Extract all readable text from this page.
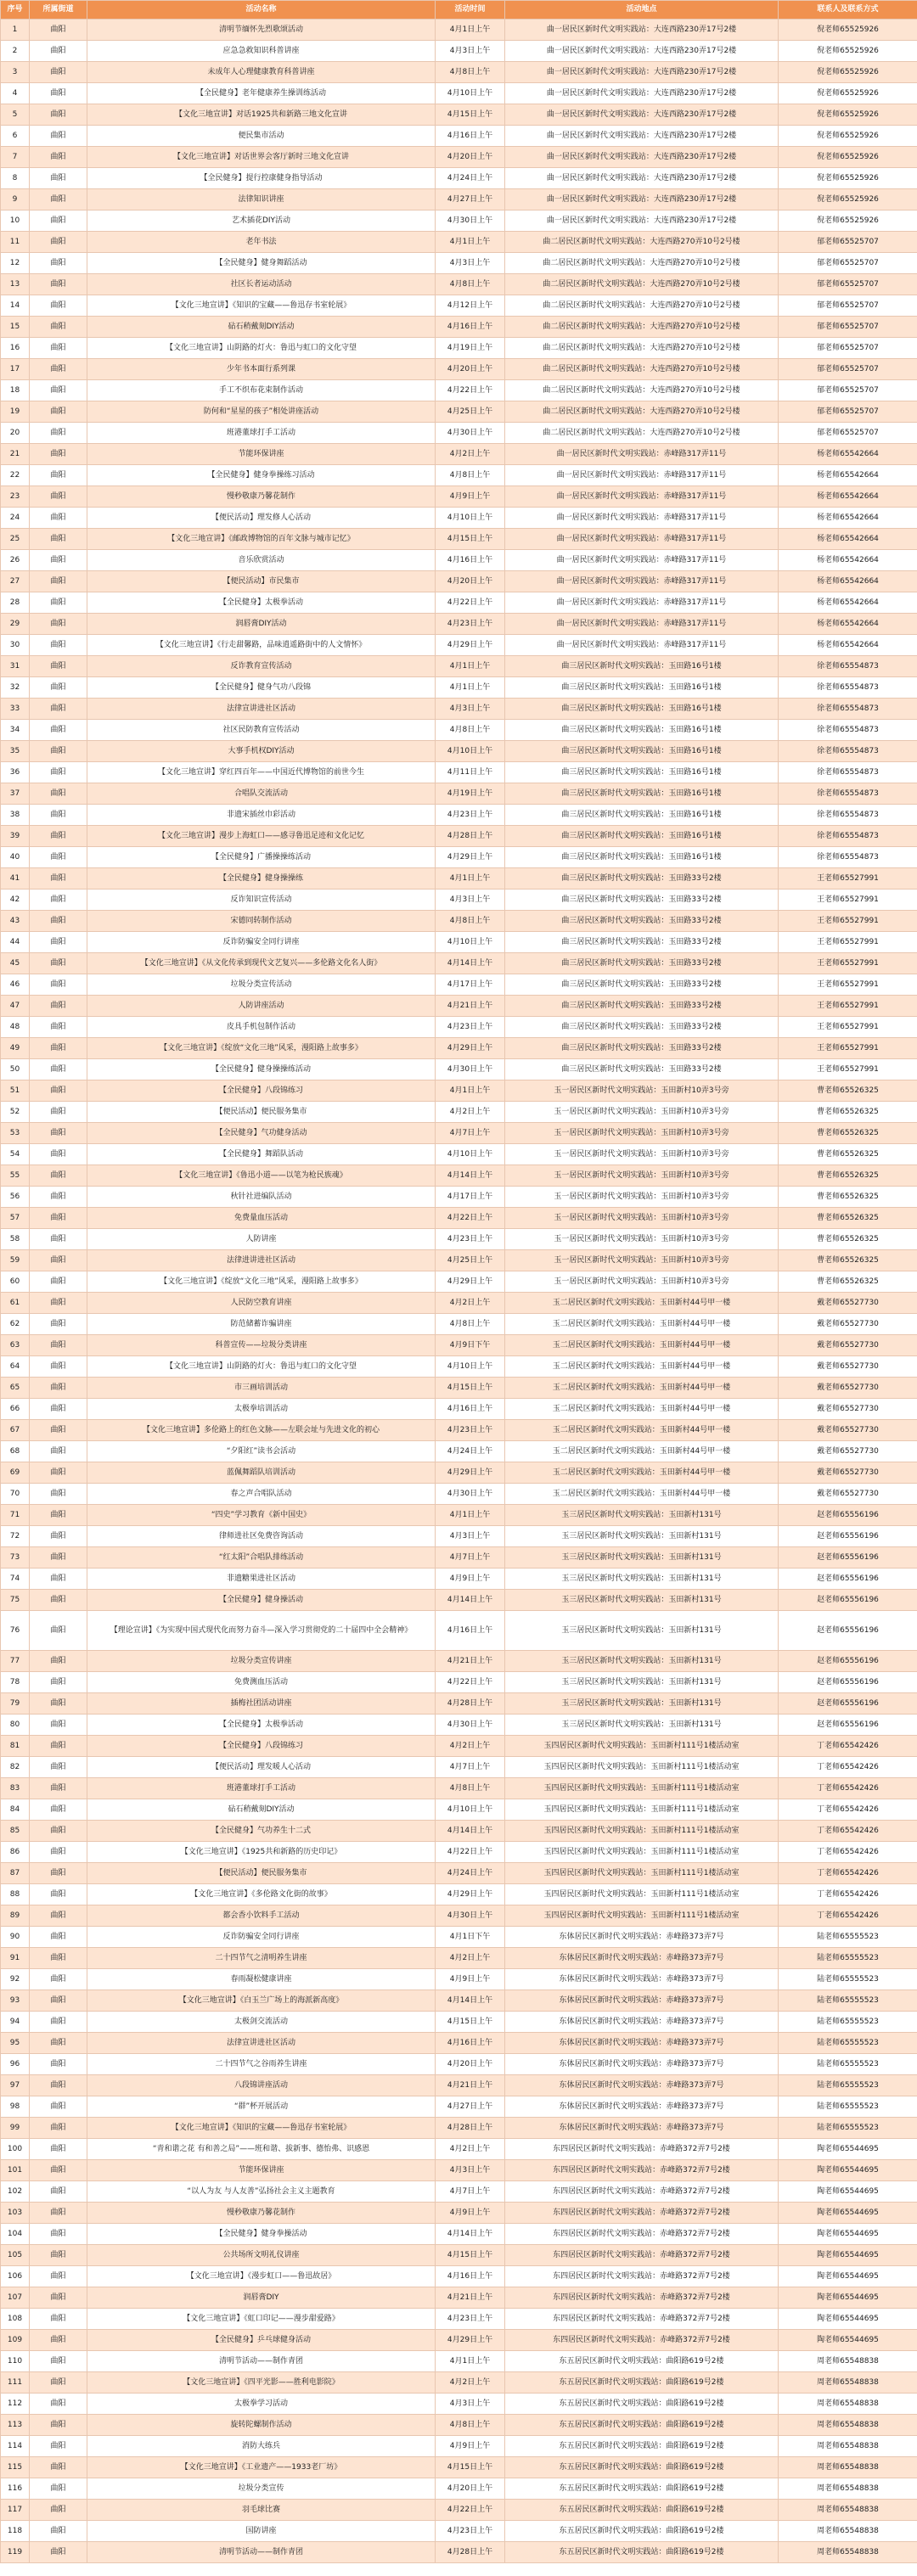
序号	所属街道	活动名称	活动时间	活动地点	联系人及联系方式
1	曲阳	清明节缅怀先烈歌颂活动	4月1日上午	曲一居民区新时代文明实践站：大连西路230弄17号2楼	倪老师65525926
2	曲阳	应急急救知识科普讲座	4月3日上午	曲一居民区新时代文明实践站：大连西路230弄17号2楼	倪老师65525926
3	曲阳	未成年人心理健康教育科普讲座	4月8日上午	曲一居民区新时代文明实践站：大连西路230弄17号2楼	倪老师65525926
4	曲阳	【全民健身】老年健康养生操训练活动	4月10日上午	曲一居民区新时代文明实践站：大连西路230弄17号2楼	倪老师65525926
5	曲阳	【文化三地宣讲】对话1925共和新路三地文化宣讲	4月15日上午	曲一居民区新时代文明实践站：大连西路230弄17号2楼	倪老师65525926
6	曲阳	便民集市活动	4月16日上午	曲一居民区新时代文明实践站：大连西路230弄17号2楼	倪老师65525926
7	曲阳	【文化三地宣讲】对话世界会客厅新时三地文化宣讲	4月20日上午	曲一居民区新时代文明实践站：大连西路230弄17号2楼	倪老师65525926
8	曲阳	【全民健身】提行控康健身指导活动	4月24日上午	曲一居民区新时代文明实践站：大连西路230弄17号2楼	倪老师65525926
9	曲阳	法律知识讲座	4月27日上午	曲一居民区新时代文明实践站：大连西路230弄17号2楼	倪老师65525926
10	曲阳	艺术插花DIY活动	4月30日上午	曲一居民区新时代文明实践站：大连西路230弄17号2楼	倪老师65525926
11	曲阳	老年书法	4月1日上午	曲二居民区新时代文明实践站：大连西路270弄10号2号楼	郁老师65525707
12	曲阳	【全民健身】健身舞蹈活动	4月3日上午	曲二居民区新时代文明实践站：大连西路270弄10号2号楼	郁老师65525707
13	曲阳	社区长者运动活动	4月8日上午	曲二居民区新时代文明实践站：大连西路270弄10号2号楼	郁老师65525707
14	曲阳	【文化三地宣讲】《知识的宝藏——鲁迅存书室轮展》	4月12日上午	曲二居民区新时代文明实践站：大连西路270弄10号2号楼	郁老师65525707
15	曲阳	砧石稍戴刻DIY活动	4月16日上午	曲二居民区新时代文明实践站：大连西路270弄10号2号楼	郁老师65525707
16	曲阳	【文化三地宣讲】山阴路的灯火：鲁迅与虹口的文化守望	4月19日上午	曲二居民区新时代文明实践站：大连西路270弄10号2号楼	郁老师65525707
17	曲阳	少年书本面行系列课	4月20日上午	曲二居民区新时代文明实践站：大连西路270弄10号2号楼	郁老师65525707
18	曲阳	手工不织布花束制作活动	4月22日上午	曲二居民区新时代文明实践站：大连西路270弄10号2号楼	郁老师65525707
19	曲阳	防何和“星星的孩子”相处讲座活动	4月25日上午	曲二居民区新时代文明实践站：大连西路270弄10号2号楼	郁老师65525707
20	曲阳	班港董球打手工活动	4月30日上午	曲二居民区新时代文明实践站：大连西路270弄10号2号楼	郁老师65525707
21	曲阳	节能环保讲座	4月2日上午	曲一居民区新时代文明实践站：赤峰路317弄11号	杨老师65542664
22	曲阳	【全民健身】健身拳操练习活动	4月8日上午	曲一居民区新时代文明实践站：赤峰路317弄11号	杨老师65542664
23	曲阳	慢秒敬康乃馨花制作	4月9日上午	曲一居民区新时代文明实践站：赤峰路317弄11号	杨老师65542664
24	曲阳	【便民活动】理发修人心活动	4月10日上午	曲一居民区新时代文明实践站：赤峰路317弄11号	杨老师65542664
25	曲阳	【文化三地宣讲】《邮政博物馆的百年文脉与城市记忆》	4月15日上午	曲一居民区新时代文明实践站：赤峰路317弄11号	杨老师65542664
26	曲阳	音乐欣赏活动	4月16日上午	曲一居民区新时代文明实践站：赤峰路317弄11号	杨老师65542664
27	曲阳	【便民活动】市民集市	4月20日上午	曲一居民区新时代文明实践站：赤峰路317弄11号	杨老师65542664
28	曲阳	【全民健身】太极拳活动	4月22日上午	曲一居民区新时代文明实践站：赤峰路317弄11号	杨老师65542664
29	曲阳	润唇膏DIY活动	4月23日上午	曲一居民区新时代文明实践站：赤峰路317弄11号	杨老师65542664
30	曲阳	【文化三地宣讲】《行走甜馨路，品味逍遥路街中的人文情怀》	4月29日上午	曲一居民区新时代文明实践站：赤峰路317弄11号	杨老师65542664
31	曲阳	反诈教育宣传活动	4月1日上午	曲三居民区新时代文明实践站：玉田路16号1楼	徐老师65554873
32	曲阳	【全民健身】健身气功八段锦	4月1日上午	曲三居民区新时代文明实践站：玉田路16号1楼	徐老师65554873
33	曲阳	法律宣讲进社区活动	4月3日上午	曲三居民区新时代文明实践站：玉田路16号1楼	徐老师65554873
34	曲阳	社区民防教育宣传活动	4月8日上午	曲三居民区新时代文明实践站：玉田路16号1楼	徐老师65554873
35	曲阳	大事手机权DIY活动	4月10日上午	曲三居民区新时代文明实践站：玉田路16号1楼	徐老师65554873
36	曲阳	【文化三地宣讲】穿红四百年——中国近代博物馆的前世今生	4月11日上午	曲三居民区新时代文明实践站：玉田路16号1楼	徐老师65554873
37	曲阳	合唱队交流活动	4月19日上午	曲三居民区新时代文明实践站：玉田路16号1楼	徐老师65554873
38	曲阳	非遗宋插丝巾彩活动	4月23日上午	曲三居民区新时代文明实践站：玉田路16号1楼	徐老师65554873
39	曲阳	【文化三地宣讲】漫步上海虹口——感寻鲁迅足迹和文化记忆	4月28日上午	曲三居民区新时代文明实践站：玉田路16号1楼	徐老师65554873
40	曲阳	【全民健身】广播操操练活动	4月29日上午	曲三居民区新时代文明实践站：玉田路16号1楼	徐老师65554873
41	曲阳	【全民健身】健身操操练	4月1日上午	曲三居民区新时代文明实践站：玉田路33号2楼	王老师65527991
42	曲阳	反诈知识宣传活动	4月3日上午	曲三居民区新时代文明实践站：玉田路33号2楼	王老师65527991
43	曲阳	宋德同转制作活动	4月8日上午	曲三居民区新时代文明实践站：玉田路33号2楼	王老师65527991
44	曲阳	反诈防骗安全同行讲座	4月10日上午	曲三居民区新时代文明实践站：玉田路33号2楼	王老师65527991
45	曲阳	【文化三地宣讲】《从文化传承到现代文艺复兴——多伦路文化名人街》	4月14日上午	曲三居民区新时代文明实践站：玉田路33号2楼	王老师65527991
46	曲阳	垃圾分类宣传活动	4月17日上午	曲三居民区新时代文明实践站：玉田路33号2楼	王老师65527991
47	曲阳	人防讲座活动	4月21日上午	曲三居民区新时代文明实践站：玉田路33号2楼	王老师65527991
48	曲阳	皮具手机包制作活动	4月23日上午	曲三居民区新时代文明实践站：玉田路33号2楼	王老师65527991
49	曲阳	【文化三地宣讲】《绽放“文化三地”风采，漫阳路上故事多》	4月29日上午	曲三居民区新时代文明实践站：玉田路33号2楼	王老师65527991
50	曲阳	【全民健身】健身操操练活动	4月30日上午	曲三居民区新时代文明实践站：玉田路33号2楼	王老师65527991
51	曲阳	【全民健身】八段锦练习	4月1日上午	玉一居民区新时代文明实践站：玉田新村10弄3号旁	曹老师65526325
52	曲阳	【便民活动】便民服务集市	4月2日上午	玉一居民区新时代文明实践站：玉田新村10弄3号旁	曹老师65526325
53	曲阳	【全民健身】气功健身活动	4月7日上午	玉一居民区新时代文明实践站：玉田新村10弄3号旁	曹老师65526325
54	曲阳	【全民健身】舞蹈队活动	4月10日上午	玉一居民区新时代文明实践站：玉田新村10弄3号旁	曹老师65526325
55	曲阳	【文化三地宣讲】《鲁迅小道——以笔为枪民族魂》	4月14日上午	玉一居民区新时代文明实践站：玉田新村10弄3号旁	曹老师65526325
56	曲阳	秋针社进编队活动	4月17日上午	玉一居民区新时代文明实践站：玉田新村10弄3号旁	曹老师65526325
57	曲阳	免费量血压活动	4月22日上午	玉一居民区新时代文明实践站：玉田新村10弄3号旁	曹老师65526325
58	曲阳	人防讲座	4月23日上午	玉一居民区新时代文明实践站：玉田新村10弄3号旁	曹老师65526325
59	曲阳	法律进讲进社区活动	4月25日上午	玉一居民区新时代文明实践站：玉田新村10弄3号旁	曹老师65526325
60	曲阳	【文化三地宣讲】《绽放“文化三地”风采，漫阳路上故事多》	4月29日上午	玉一居民区新时代文明实践站：玉田新村10弄3号旁	曹老师65526325
61	曲阳	人民防空教育讲座	4月2日上午	玉二居民区新时代文明实践站：玉田新村44号甲一楼	戴老师65527730
62	曲阳	防范储蓄诈骗讲座	4月8日上午	玉二居民区新时代文明实践站：玉田新村44号甲一楼	戴老师65527730
63	曲阳	科普宣传——垃圾分类讲座	4月9日下午	玉二居民区新时代文明实践站：玉田新村44号甲一楼	戴老师65527730
64	曲阳	【文化三地宣讲】山阴路的灯火：鲁迅与虹口的文化守望	4月10日上午	玉二居民区新时代文明实践站：玉田新村44号甲一楼	戴老师65527730
65	曲阳	市三画培训活动	4月15日上午	玉二居民区新时代文明实践站：玉田新村44号甲一楼	戴老师65527730
66	曲阳	太极拳培训活动	4月16日上午	玉二居民区新时代文明实践站：玉田新村44号甲一楼	戴老师65527730
67	曲阳	【文化三地宣讲】多伦路上的红色文脉——左联会址与先进文化的初心	4月23日上午	玉二居民区新时代文明实践站：玉田新村44号甲一楼	戴老师65527730
68	曲阳	“夕阳红”读书会活动	4月24日上午	玉二居民区新时代文明实践站：玉田新村44号甲一楼	戴老师65527730
69	曲阳	蓝佩舞蹈队培训活动	4月29日上午	玉二居民区新时代文明实践站：玉田新村44号甲一楼	戴老师65527730
70	曲阳	春之声合唱队活动	4月30日上午	玉二居民区新时代文明实践站：玉田新村44号甲一楼	戴老师65527730
71	曲阳	“四史”学习教育《新中国史》	4月1日上午	玉三居民区新时代文明实践站：玉田新村131号	赵老师65556196
72	曲阳	律师进社区免费咨询活动	4月3日上午	玉三居民区新时代文明实践站：玉田新村131号	赵老师65556196
73	曲阳	“红太阳”合唱队排练活动	4月7日上午	玉三居民区新时代文明实践站：玉田新村131号	赵老师65556196
74	曲阳	非遗糖果进社区活动	4月9日上午	玉三居民区新时代文明实践站：玉田新村131号	赵老师65556196
75	曲阳	【全民健身】健身操活动	4月14日上午	玉三居民区新时代文明实践站：玉田新村131号	赵老师65556196
76	曲阳	【理论宣讲】《为实现中国式现代化而努力奋斗—深入学习贯彻党的二十届四中全会精神》	4月16日上午	玉三居民区新时代文明实践站：玉田新村131号	赵老师65556196
77	曲阳	垃圾分类宣传讲座	4月21日上午	玉三居民区新时代文明实践站：玉田新村131号	赵老师65556196
78	曲阳	免费测血压活动	4月22日上午	玉三居民区新时代文明实践站：玉田新村131号	赵老师65556196
79	曲阳	插梅社团活动讲座	4月28日上午	玉三居民区新时代文明实践站：玉田新村131号	赵老师65556196
80	曲阳	【全民健身】太极拳活动	4月30日上午	玉三居民区新时代文明实践站：玉田新村131号	赵老师65556196
81	曲阳	【全民健身】八段锦练习	4月2日上午	玉四居民区新时代文明实践站：玉田新村111号1楼活动室	丁老师65542426
82	曲阳	【便民活动】理发暖人心活动	4月7日上午	玉四居民区新时代文明实践站：玉田新村111号1楼活动室	丁老师65542426
83	曲阳	班港董球打手工活动	4月8日上午	玉四居民区新时代文明实践站：玉田新村111号1楼活动室	丁老师65542426
84	曲阳	砧石稍戴刻DIY活动	4月10日上午	玉四居民区新时代文明实践站：玉田新村111号1楼活动室	丁老师65542426
85	曲阳	【全民健身】气功养生十二式	4月14日上午	玉四居民区新时代文明实践站：玉田新村111号1楼活动室	丁老师65542426
86	曲阳	【文化三地宣讲】《1925共和新路的历史印记》	4月22日上午	玉四居民区新时代文明实践站：玉田新村111号1楼活动室	丁老师65542426
87	曲阳	【便民活动】便民服务集市	4月24日上午	玉四居民区新时代文明实践站：玉田新村111号1楼活动室	丁老师65542426
88	曲阳	【文化三地宣讲】《多伦路文化街的故事》	4月29日上午	玉四居民区新时代文明实践站：玉田新村111号1楼活动室	丁老师65542426
89	曲阳	都会香小饮料手工活动	4月30日上午	玉四居民区新时代文明实践站：玉田新村111号1楼活动室	丁老师65542426
90	曲阳	反诈防骗安全同行讲座	4月1日下午	东体居民区新时代文明实践站：赤峰路373弄7号	陆老师65555523
91	曲阳	二十四节气之清明养生讲座	4月2日上午	东体居民区新时代文明实践站：赤峰路373弄7号	陆老师65555523
92	曲阳	春雨凝松健康讲座	4月9日上午	东体居民区新时代文明实践站：赤峰路373弄7号	陆老师65555523
93	曲阳	【文化三地宣讲】《白玉兰广场上的海派新高度》	4月14日上午	东体居民区新时代文明实践站：赤峰路373弄7号	陆老师65555523
94	曲阳	太极剑交流活动	4月15日上午	东体居民区新时代文明实践站：赤峰路373弄7号	陆老师65555523
95	曲阳	法律宣讲进社区活动	4月16日上午	东体居民区新时代文明实践站：赤峰路373弄7号	陆老师65555523
96	曲阳	二十四节气之谷雨养生讲座	4月20日上午	东体居民区新时代文明实践站：赤峰路373弄7号	陆老师65555523
97	曲阳	八段锦讲座活动	4月21日上午	东体居民区新时代文明实践站：赤峰路373弄7号	陆老师65555523
98	曲阳	“群”杯开展活动	4月27日上午	东体居民区新时代文明实践站：赤峰路373弄7号	陆老师65555523
99	曲阳	【文化三地宣讲】《知识的宝藏——鲁迅存书室轮展》	4月28日上午	东体居民区新时代文明实践站：赤峰路373弄7号	陆老师65555523
100	曲阳	“青和谐之花 有和善之局”——班和谐、拔新事、德怡弗、识感恩	4月2日上午	东四居民区新时代文明实践站：赤峰路372弄7号2楼	陶老师65544695
101	曲阳	节能环保讲座	4月3日上午	东四居民区新时代文明实践站：赤峰路372弄7号2楼	陶老师65544695
102	曲阳	“以人为友 与人友善”弘扬社会主义主题教育	4月7日上午	东四居民区新时代文明实践站：赤峰路372弄7号2楼	陶老师65544695
103	曲阳	慢秒敬康乃馨花制作	4月9日上午	东四居民区新时代文明实践站：赤峰路372弄7号2楼	陶老师65544695
104	曲阳	【全民健身】健身拳操活动	4月14日上午	东四居民区新时代文明实践站：赤峰路372弄7号2楼	陶老师65544695
105	曲阳	公共场所文明礼仪讲座	4月15日上午	东四居民区新时代文明实践站：赤峰路372弄7号2楼	陶老师65544695
106	曲阳	【文化三地宣讲】《漫步虹口——鲁迅故居》	4月16日上午	东四居民区新时代文明实践站：赤峰路372弄7号2楼	陶老师65544695
107	曲阳	润唇膏DIY	4月21日上午	东四居民区新时代文明实践站：赤峰路372弄7号2楼	陶老师65544695
108	曲阳	【文化三地宣讲】《虹口印记——漫步甜爱路》	4月23日上午	东四居民区新时代文明实践站：赤峰路372弄7号2楼	陶老师65544695
109	曲阳	【全民健身】乒乓球健身活动	4月29日上午	东四居民区新时代文明实践站：赤峰路372弄7号2楼	陶老师65544695
110	曲阳	清明节活动——制作青团	4月1日上午	东五居民区新时代文明实践站：曲阳路619号2楼	周老师65548838
111	曲阳	【文化三地宣讲】《四平光影——胜利电影院》	4月2日上午	东五居民区新时代文明实践站：曲阳路619号2楼	周老师65548838
112	曲阳	太极拳学习活动	4月3日上午	东五居民区新时代文明实践站：曲阳路619号2楼	周老师65548838
113	曲阳	旋转陀螺制作活动	4月8日上午	东五居民区新时代文明实践站：曲阳路619号2楼	周老师65548838
114	曲阳	消防大练兵	4月9日上午	东五居民区新时代文明实践站：曲阳路619号2楼	周老师65548838
115	曲阳	【文化三地宣讲】《工业遗产——1933老厂坊》	4月15日上午	东五居民区新时代文明实践站：曲阳路619号2楼	周老师65548838
116	曲阳	垃圾分类宣传	4月20日上午	东五居民区新时代文明实践站：曲阳路619号2楼	周老师65548838
117	曲阳	羽毛球比赛	4月22日上午	东五居民区新时代文明实践站：曲阳路619号2楼	周老师65548838
118	曲阳	国防讲座	4月23日上午	东五居民区新时代文明实践站：曲阳路619号2楼	周老师65548838
119	曲阳	清明节活动——制作青团	4月28日上午	东五居民区新时代文明实践站：曲阳路619号2楼	周老师65548838
